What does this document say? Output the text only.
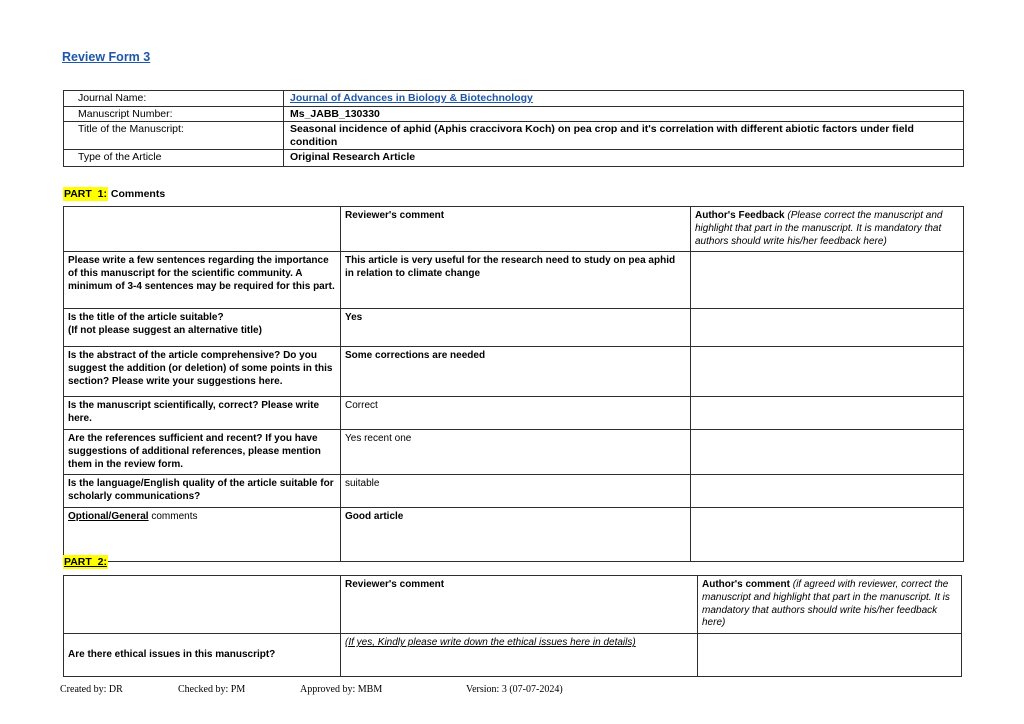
Review Form 3
Journal Name:	Journal of Advances in Biology & Biotechnology
Manuscript Number:	Ms_JABB_130330
Title of the Manuscript:	Seasonal incidence of aphid (Aphis craccivora Koch) on pea crop and it's correlation with different abiotic factors under field condition
Type of the Article	Original Research Article
PART  1: Comments
	Reviewer's comment	Author's Feedback (Please correct the manuscript and highlight that part in the manuscript. It is mandatory that authors should write his/her feedback here)
Please write a few sentences regarding the importance of this manuscript for the scientific community. A minimum of 3-4 sentences may be required for this part.	This article is very useful for the research need to study on pea aphid in relation to climate change	

Is the title of the article suitable?
(If not please suggest an alternative title)	Yes	
Is the abstract of the article comprehensive? Do you suggest the addition (or deletion) of some points in this section? Please write your suggestions here.	Some corrections are needed	
Is the manuscript scientifically, correct? Please write here.	Correct	
Are the references sufficient and recent? If you have suggestions of additional references, please mention them in the review form.	Yes recent one	
Is the language/English quality of the article suitable for scholarly communications?	suitable	
Optional/General comments	Good article	
PART  2:
	Reviewer's comment	Author's comment (if agreed with reviewer, correct the manuscript and highlight that part in the manuscript. It is mandatory that authors should write his/her feedback here)
Are there ethical issues in this manuscript?	(If yes, Kindly please write down the ethical issues here in details)	
Created by: DR	Checked by: PM	Approved by: MBM	Version: 3 (07-07-2024)
